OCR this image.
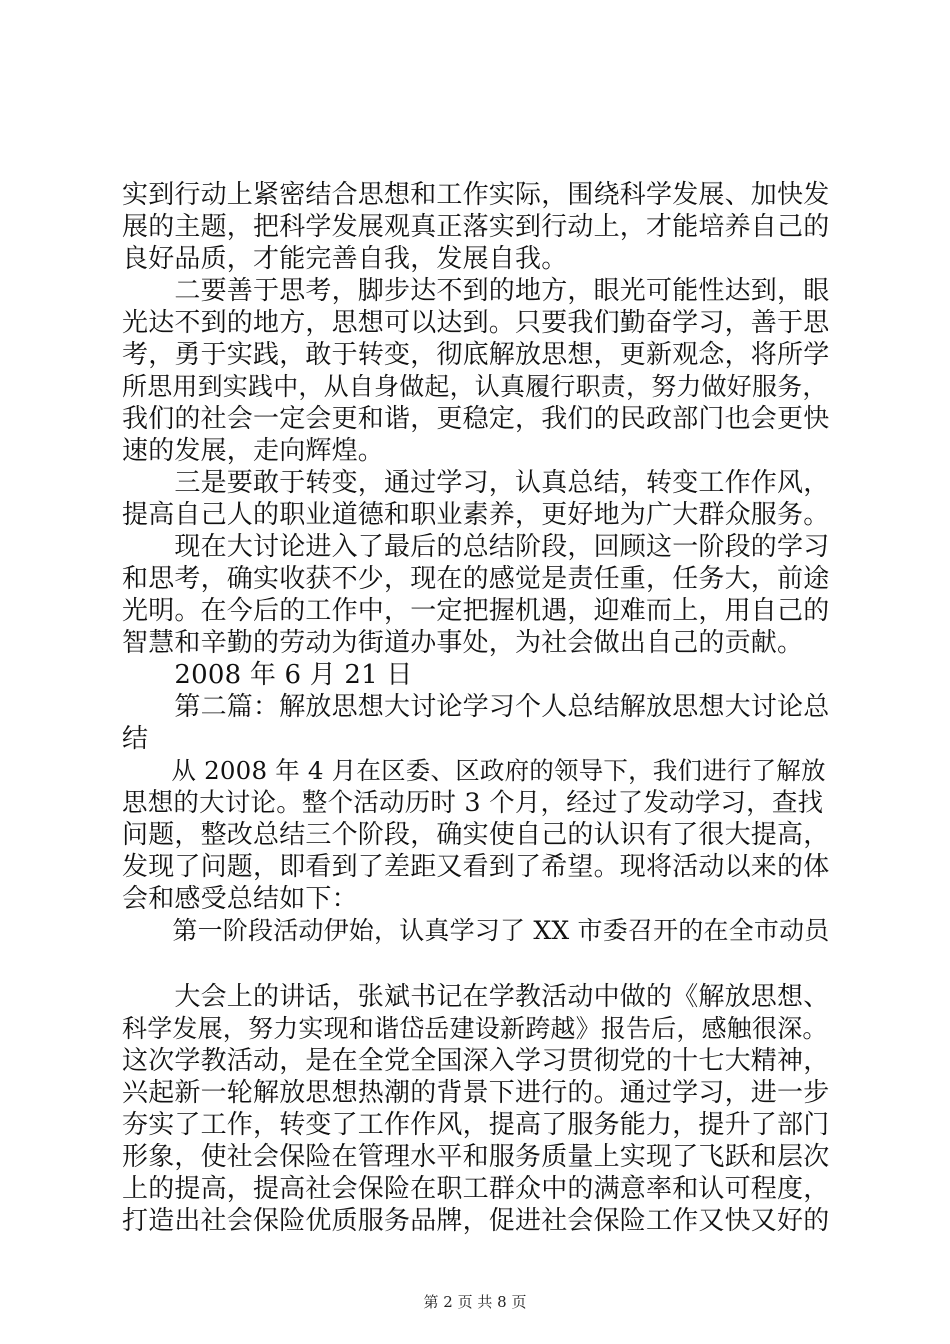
实到行动上紧密结合思想和工作实际，围绕科学发展、加快发
展的主题，把科学发展观真正落实到行动上，才能培养自己的
良好品质，才能完善自我，发展自我。
　　二要善于思考，脚步达不到的地方，眼光可能性达到，眼
光达不到的地方，思想可以达到。只要我们勤奋学习，善于思
考，勇于实践，敢于转变，彻底解放思想，更新观念，将所学
所思用到实践中，从自身做起，认真履行职责，努力做好服务，
我们的社会一定会更和谐，更稳定，我们的民政部门也会更快
速的发展，走向辉煌。
　　三是要敢于转变，通过学习，认真总结，转变工作作风，
提高自己人的职业道德和职业素养，更好地为广大群众服务。
　　现在大讨论进入了最后的总结阶段，回顾这一阶段的学习
和思考，确实收获不少，现在的感觉是责任重，任务大，前途
光明。在今后的工作中，一定把握机遇，迎难而上，用自己的
智慧和辛勤的劳动为街道办事处，为社会做出自己的贡献。
　　2008 年 6 月 21 日
　　第二篇：解放思想大讨论学习个人总结解放思想大讨论总
结
　　从 2008 年 4 月在区委、区政府的领导下，我们进行了解放
思想的大讨论。整个活动历时 3 个月，经过了发动学习，查找
问题，整改总结三个阶段，确实使自己的认识有了很大提高，
发现了问题，即看到了差距又看到了希望。现将活动以来的体
会和感受总结如下：
　　第一阶段活动伊始，认真学习了 XX 市委召开的在全市动员
　　大会上的讲话，张斌书记在学教活动中做的《解放思想、
科学发展，努力实现和谐岱岳建设新跨越》报告后，感触很深。
这次学教活动，是在全党全国深入学习贯彻党的十七大精神，
兴起新一轮解放思想热潮的背景下进行的。通过学习，进一步
夯实了工作，转变了工作作风，提高了服务能力，提升了部门
形象，使社会保险在管理水平和服务质量上实现了飞跃和层次
上的提高，提高社会保险在职工群众中的满意率和认可程度，
打造出社会保险优质服务品牌，促进社会保险工作又快又好的
第 2 页 共 8 页
